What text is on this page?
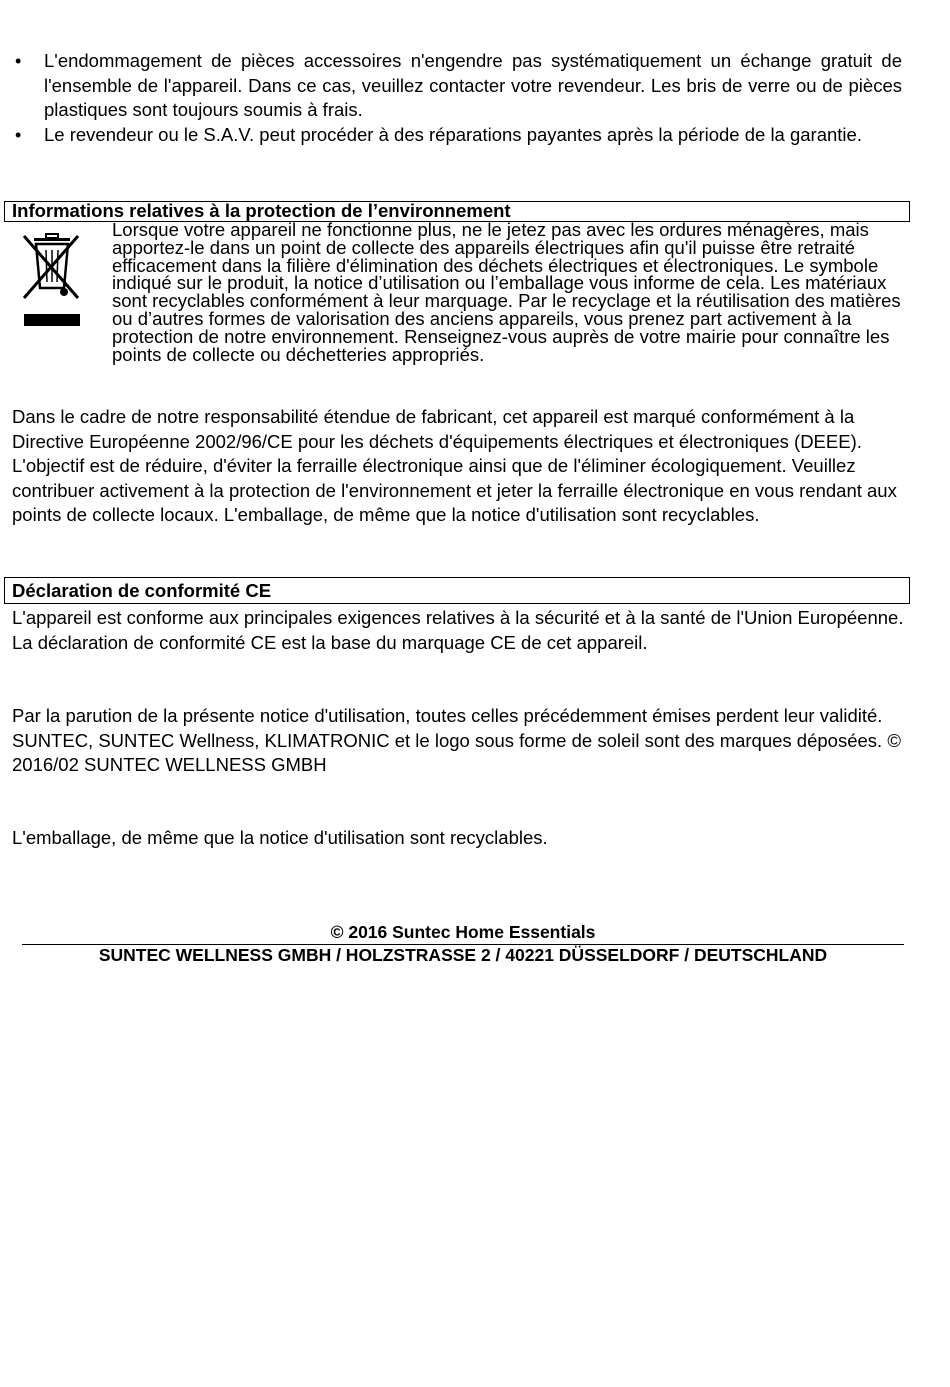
• L'endommagement de pièces accessoires n'engendre pas systématiquement un échange gratuit de l'ensemble de l'appareil. Dans ce cas, veuillez contacter votre revendeur. Les bris de verre ou de pièces plastiques sont toujours soumis à frais.
• Le revendeur ou le S.A.V. peut procéder à des réparations payantes après la période de la garantie.
Informations relatives à la protection de l’environnement

Lorsque votre appareil ne fonctionne plus, ne le jetez pas avec les ordures ménagères, mais apportez-le dans un point de collecte des appareils électriques afin qu'il puisse être retraité efficacement dans la filière d'élimination des déchets électriques et électroniques. Le symbole indiqué sur le produit, la notice d’utilisation ou l’emballage vous informe de cela. Les matériaux sont recyclables conformément à leur marquage. Par le recyclage et la réutilisation des matières ou d’autres formes de valorisation des anciens appareils, vous prenez part activement à la protection de notre environnement. Renseignez-vous auprès de votre mairie pour connaître les points de collecte ou déchetteries appropriés.

Dans le cadre de notre responsabilité étendue de fabricant, cet appareil est marqué conformément à la Directive Européenne 2002/96/CE pour les déchets d'équipements électriques et électroniques (DEEE). L'objectif est de réduire, d'éviter la ferraille électronique ainsi que de l'éliminer écologiquement. Veuillez contribuer activement à la protection de l'environnement et jeter la ferraille électronique en vous rendant aux points de collecte locaux. L'emballage, de même que la notice d'utilisation sont recyclables.

Déclaration de conformité CE

L'appareil est conforme aux principales exigences relatives à la sécurité et à la santé de l'Union Européenne. La déclaration de conformité CE est la base du marquage CE de cet appareil.

Par la parution de la présente notice d'utilisation, toutes celles précédemment émises perdent leur validité. SUNTEC, SUNTEC Wellness, KLIMATRONIC et le logo sous forme de soleil sont des marques déposées. © 2016/02 SUNTEC WELLNESS GMBH

L'emballage, de même que la notice d'utilisation sont recyclables.

© 2016 Suntec Home Essentials
SUNTEC WELLNESS GMBH / HOLZSTRASSE 2 / 40221 DÜSSELDORF / DEUTSCHLAND
